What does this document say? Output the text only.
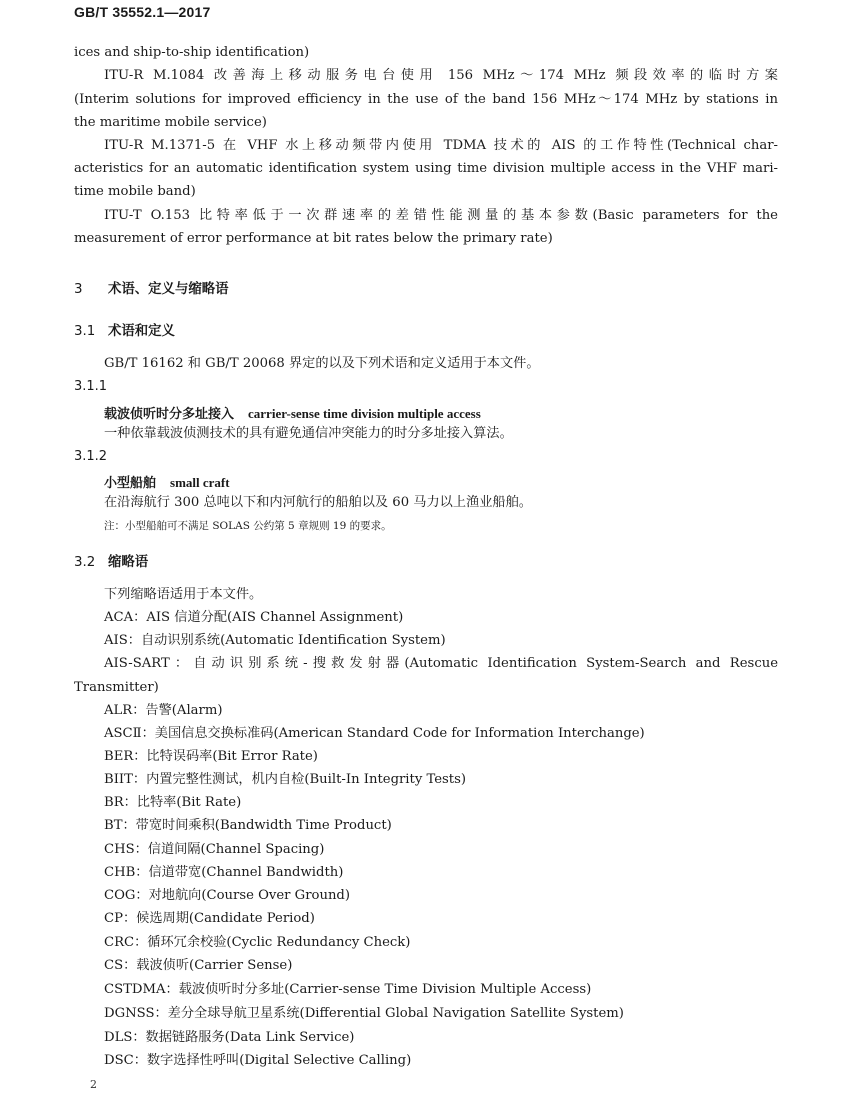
GB/T 35552.1—2017
ices and ship-to-ship identification)
ITU-R M.1084 改善海上移动服务电台使用 156 MHz～174 MHz 频段效率的临时方案
(Interim solutions for improved efficiency in the use of the band 156 MHz～174 MHz by stations in
the maritime mobile service)
ITU-R M.1371-5 在 VHF 水上移动频带内使用 TDMA 技术的 AIS 的工作特性(Technical char-
acteristics for an automatic identification system using time division multiple access in the VHF mari-
time mobile band)
ITU-T O.153 比特率低于一次群速率的差错性能测量的基本参数(Basic parameters for the
measurement of error performance at bit rates below the primary rate)
3 术语、定义与缩略语
3.1 术语和定义
GB/T 16162 和 GB/T 20068 界定的以及下列术语和定义适用于本文件。
3.1.1
载波侦听时分多址接入 carrier-sense time division multiple access
一种依靠载波侦测技术的具有避免通信冲突能力的时分多址接入算法。
3.1.2
小型船舶 small craft
在沿海航行 300 总吨以下和内河航行的船舶以及 60 马力以上渔业船舶。
注：小型船舶可不满足 SOLAS 公约第 5 章规则 19 的要求。
3.2 缩略语
下列缩略语适用于本文件。
ACA：AIS 信道分配(AIS Channel Assignment)
AIS：自动识别系统(Automatic Identification System)
AIS-SART：自动识别系统-搜救发射器(Automatic Identification System-Search and Rescue
Transmitter)
ALR：告警(Alarm)
ASCⅡ：美国信息交换标准码(American Standard Code for Information Interchange)
BER：比特误码率(Bit Error Rate)
BIIT：内置完整性测试，机内自检(Built-In Integrity Tests)
BR：比特率(Bit Rate)
BT：带宽时间乘积(Bandwidth Time Product)
CHS：信道间隔(Channel Spacing)
CHB：信道带宽(Channel Bandwidth)
COG：对地航向(Course Over Ground)
CP：候选周期(Candidate Period)
CRC：循环冗余校验(Cyclic Redundancy Check)
CS：载波侦听(Carrier Sense)
CSTDMA：载波侦听时分多址(Carrier-sense Time Division Multiple Access)
DGNSS：差分全球导航卫星系统(Differential Global Navigation Satellite System)
DLS：数据链路服务(Data Link Service)
DSC：数字选择性呼叫(Digital Selective Calling)
2
